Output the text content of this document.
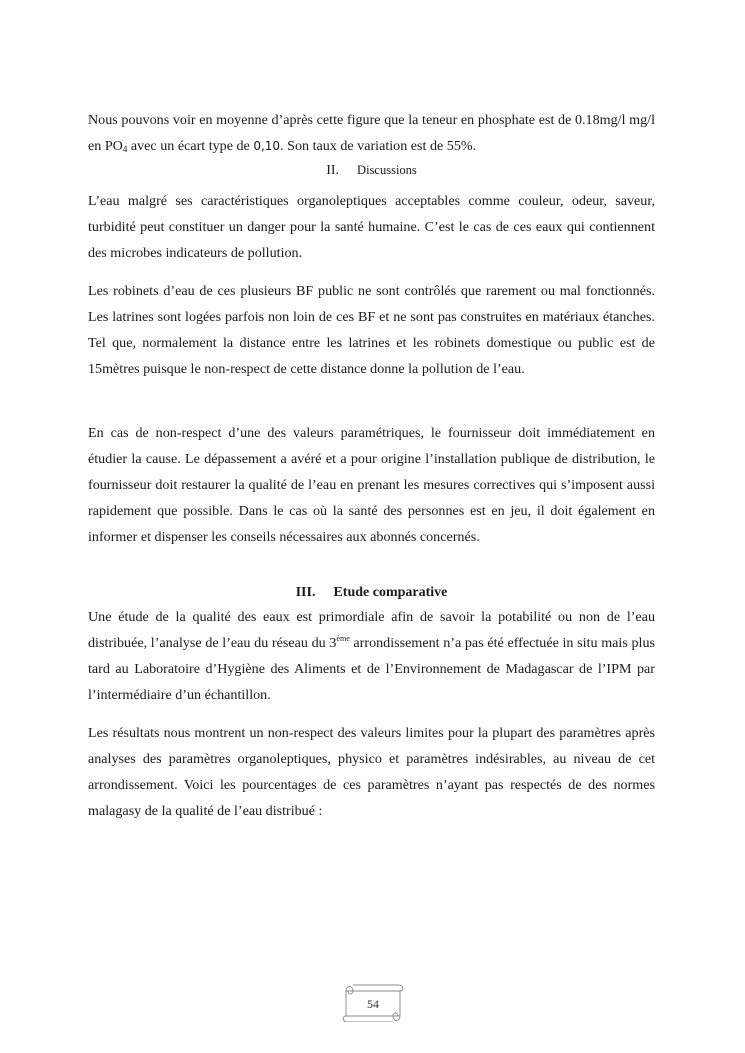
Nous pouvons voir en moyenne d’après cette figure que la teneur en phosphate est de 0.18mg/l mg/l en $PO_4$ avec un écart type de 0,10. Son taux de variation est de 55%.

II. Discussions

L’eau malgré ses caractéristiques organoleptiques acceptables comme couleur, odeur, saveur, turbidité peut constituer un danger pour la santé humaine. C’est le cas de ces eaux qui contiennent des microbes indicateurs de pollution.

Les robinets d’eau de ces plusieurs BF public ne sont contrôlés que rarement ou mal fonctionnés. Les latrines sont logées parfois non loin de ces BF et ne sont pas construites en matériaux étanches. Tel que, normalement la distance entre les latrines et les robinets domestique ou public est de 15mètres puisque le non-respect de cette distance donne la pollution de l’eau.

En cas de non-respect d’une des valeurs paramétriques, le fournisseur doit immédiatement en étudier la cause. Le dépassement a avéré et a pour origine l’installation publique de distribution, le fournisseur doit restaurer la qualité de l’eau en prenant les mesures correctives qui s’imposent aussi rapidement que possible. Dans le cas où la santé des personnes est en jeu, il doit également en informer et dispenser les conseils nécessaires aux abonnés concernés.

III. Etude comparative

Une étude de la qualité des eaux est primordiale afin de savoir la potabilité ou non de l’eau distribuée, l’analyse de l’eau du réseau du 3ème arrondissement n’a pas été effectuée in situ mais plus tard au Laboratoire d’Hygiène des Aliments et de l’Environnement de Madagascar de l’IPM par l’intermédiaire d’un échantillon.

Les résultats nous montrent un non-respect des valeurs limites pour la plupart des paramètres après analyses des paramètres organoleptiques, physico et paramètres indésirables, au niveau de cet arrondissement. Voici les pourcentages de ces paramètres n’ayant pas respectés de des normes malagasy de la qualité de l’eau distribué :

54
